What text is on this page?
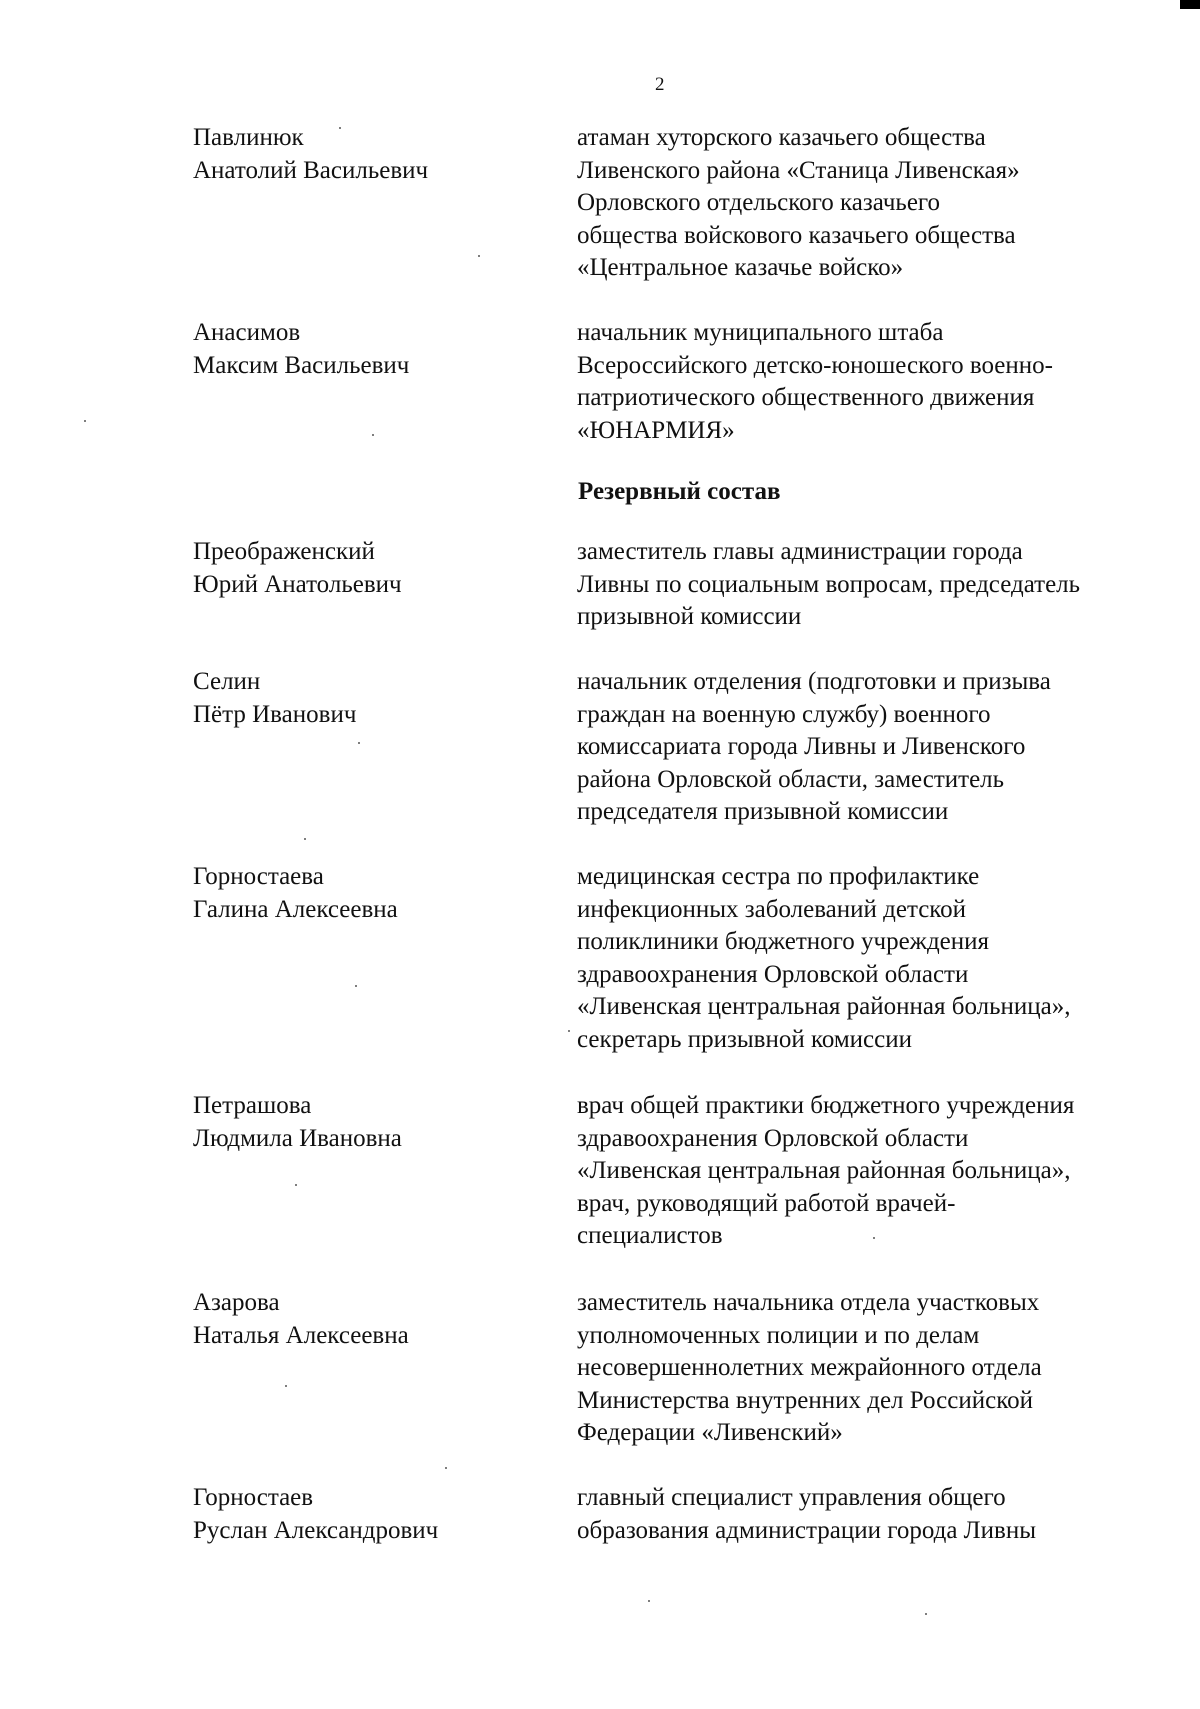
2
Резервный состав
Павлинюк
Анатолий Васильевич
атаман хуторского казачьего общества
Ливенского района «Станица Ливенская»
Орловского отдельского казачьего
общества войскового казачьего общества
«Центральное казачье войско»
Анасимов
Максим Васильевич
начальник муниципального штаба
Всероссийского детско-юношеского военно-
патриотического общественного движения
«ЮНАРМИЯ»
Преображенский
Юрий Анатольевич
заместитель главы администрации города
Ливны по социальным вопросам, председатель
призывной комиссии
Селин
Пётр Иванович
начальник отделения (подготовки и призыва
граждан на военную службу) военного
комиссариата города Ливны и Ливенского
района Орловской области, заместитель
председателя призывной комиссии
Горностаева
Галина Алексеевна
медицинская сестра по профилактике
инфекционных заболеваний детской
поликлиники бюджетного учреждения
здравоохранения Орловской области
«Ливенская центральная районная больница»,
секретарь призывной комиссии
Петрашова
Людмила Ивановна
врач общей практики бюджетного учреждения
здравоохранения Орловской области
«Ливенская центральная районная больница»,
врач, руководящий работой врачей-
специалистов
Азарова
Наталья Алексеевна
заместитель начальника отдела участковых
уполномоченных полиции и по делам
несовершеннолетних межрайонного отдела
Министерства внутренних дел Российской
Федерации «Ливенский»
Горностаев
Руслан Александрович
главный специалист управления общего
образования администрации города Ливны
